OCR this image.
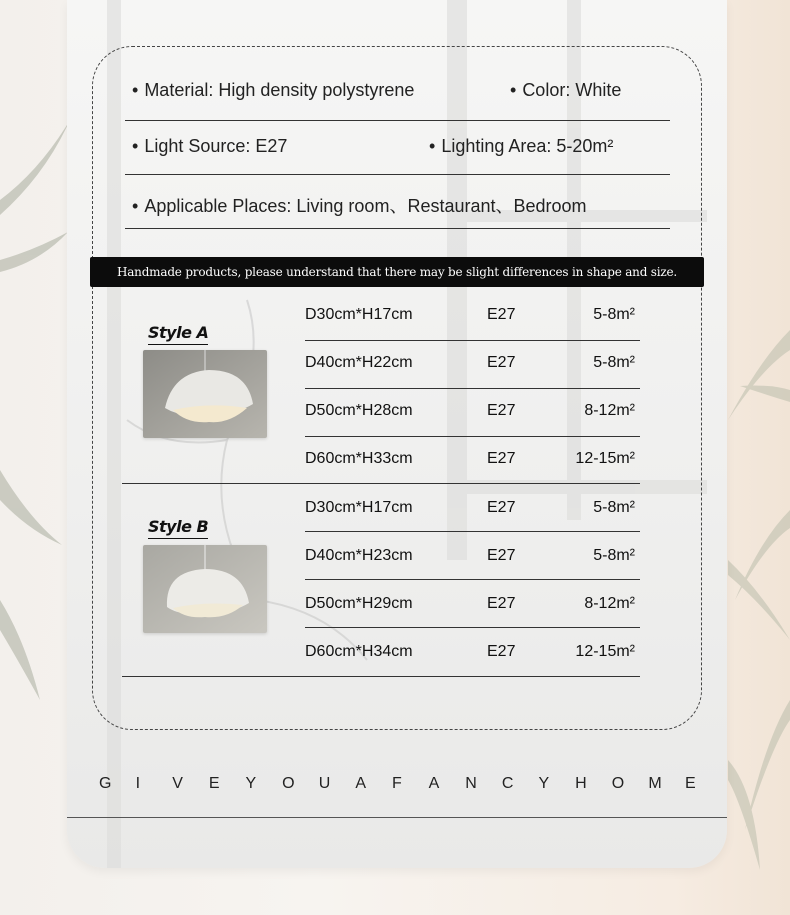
• Material: High density polystyrene	• Color: White
• Light Source: E27	• Lighting Area: 5-20m²
• Applicable Places: Living room、Restaurant、Bedroom
Handmade products, please understand that there may be slight differences in shape and size.
Style A
Style B
D30cm*H17cm	E27	5-8m²
D40cm*H22cm	E27	5-8m²
D50cm*H28cm	E27	8-12m²
D60cm*H33cm	E27	12-15m²
D30cm*H17cm	E27	5-8m²
D40cm*H23cm	E27	5-8m²
D50cm*H29cm	E27	8-12m²
D60cm*H34cm	E27	12-15m²
G I V E Y O U A F A N C Y H O M E
